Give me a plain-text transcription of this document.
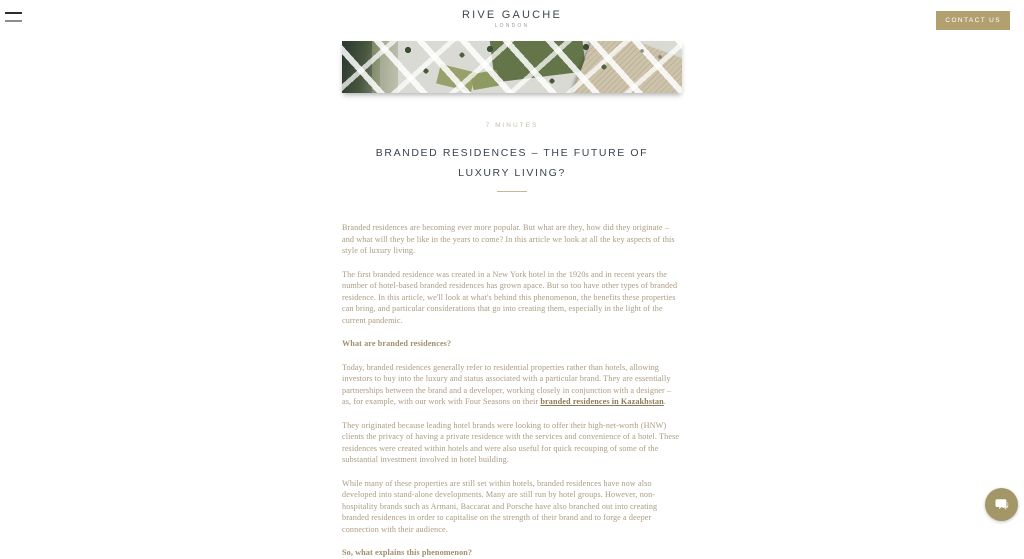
RIVE GAUCHE
LONDON
CONTACT US
7 MINUTES
BRANDED RESIDENCES – THE FUTURE OF LUXURY LIVING?

Branded residences are becoming ever more popular. But what are they, how did they originate – and what will they be like in the years to come? In this article we look at all the key aspects of this style of luxury living.

The first branded residence was created in a New York hotel in the 1920s and in recent years the number of hotel-based branded residences has grown apace. But so too have other types of branded residence. In this article, we'll look at what's behind this phenomenon, the benefits these properties can bring, and particular considerations that go into creating them, especially in the light of the current pandemic.

What are branded residences?

Today, branded residences generally refer to residential properties rather than hotels, allowing investors to buy into the luxury and status associated with a particular brand. They are essentially partnerships between the brand and a developer, working closely in conjunction with a designer – as, for example, with our work with Four Seasons on their branded residences in Kazakhstan.

They originated because leading hotel brands were looking to offer their high-net-worth (HNW) clients the privacy of having a private residence with the services and convenience of a hotel. These residences were created within hotels and were also useful for quick recouping of some of the substantial investment involved in hotel building.

While many of these properties are still set within hotels, branded residences have now also developed into stand-alone developments. Many are still run by hotel groups. However, non-hospitality brands such as Armani, Baccarat and Porsche have also branched out into creating branded residences in order to capitalise on the strength of their brand and to forge a deeper connection with their audience.

So, what explains this phenomenon?
